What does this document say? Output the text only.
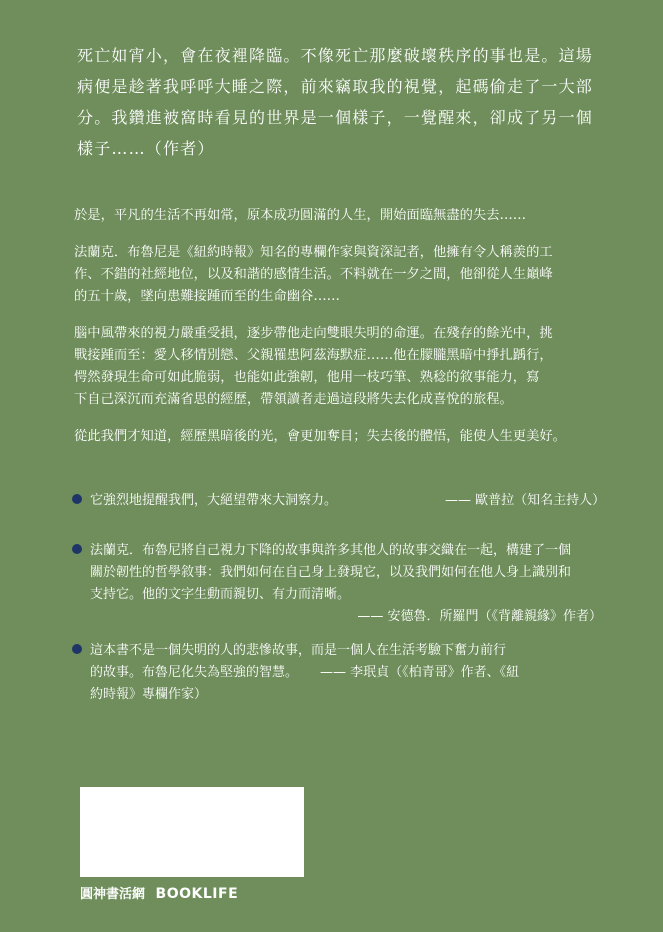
死亡如宵小，會在夜裡降臨。不像死亡那麼破壞秩序的事也是。這場

病便是趁著我呼呼大睡之際，前來竊取我的視覺，起碼偷走了一大部

分。我鑽進被窩時看見的世界是一個樣子，一覺醒來，卻成了另一個

樣子……（作者）

於是，平凡的生活不再如常，原本成功圓滿的人生，開始面臨無盡的失去……

法蘭克．布魯尼是《紐約時報》知名的專欄作家與資深記者，他擁有令人稱羨的工
作、不錯的社經地位，以及和諧的感情生活。不料就在一夕之間，他卻從人生巔峰
的五十歲，墜向患難接踵而至的生命幽谷……

腦中風帶來的視力嚴重受損，逐步帶他走向雙眼失明的命運。在殘存的餘光中，挑
戰接踵而至：愛人移情別戀、父親罹患阿茲海默症……他在朦朧黑暗中掙扎踽行，
愕然發現生命可如此脆弱，也能如此強韌，他用一枝巧筆、熟稔的敘事能力，寫
下自己深沉而充滿省思的經歷，帶領讀者走過這段將失去化成喜悅的旅程。

從此我們才知道，經歷黑暗後的光，會更加奪目；失去後的體悟，能使人生更美好。

它強烈地提醒我們，大絕望帶來大洞察力。	—— 歐普拉（知名主持人）
法蘭克．布魯尼將自己視力下降的故事與許多其他人的故事交織在一起，構建了一個
關於韌性的哲學敘事：我們如何在自己身上發現它，以及我們如何在他人身上識別和
支持它。他的文字生動而親切、有力而清晰。
—— 安德魯．所羅門（《背離親緣》作者）
這本書不是一個失明的人的悲慘故事，而是一個人在生活考驗下奮力前行
的故事。布魯尼化失為堅強的智慧。 —— 李珉貞（《柏青哥》作者、《紐
約時報》專欄作家）
圓神書活網 BOOKLIFE
